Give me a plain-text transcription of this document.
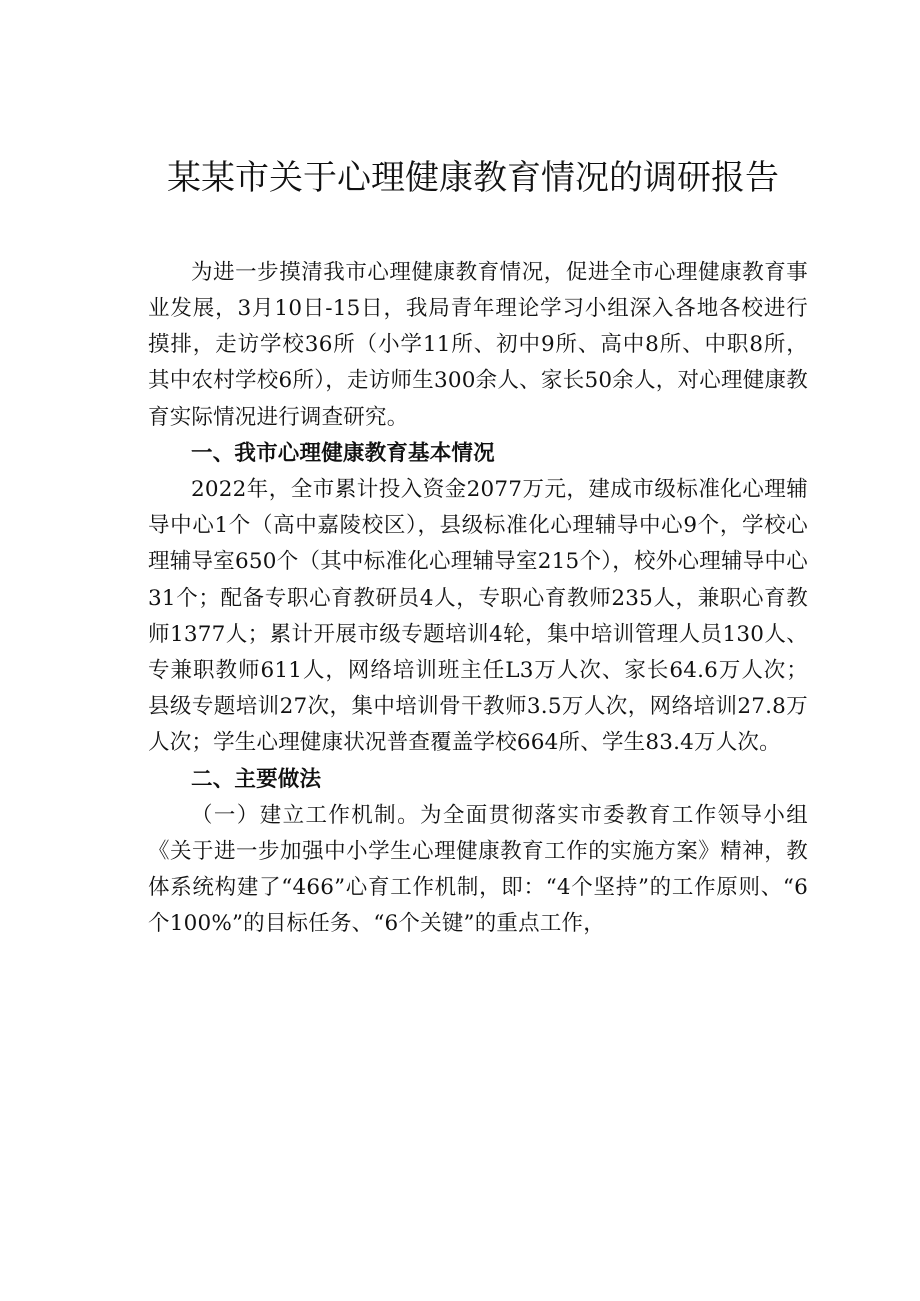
某某市关于心理健康教育情况的调研报告

为进一步摸清我市心理健康教育情况，促进全市心理健康教育事业发展，3月10日-15日，我局青年理论学习小组深入各地各校进行摸排，走访学校36所（小学11所、初中9所、高中8所、中职8所，其中农村学校6所），走访师生300余人、家长50余人，对心理健康教育实际情况进行调查研究。

一、我市心理健康教育基本情况

2022年，全市累计投入资金2077万元，建成市级标准化心理辅导中心1个（高中嘉陵校区），县级标准化心理辅导中心9个，学校心理辅导室650个（其中标准化心理辅导室215个），校外心理辅导中心31个；配备专职心育教研员4人，专职心育教师235人，兼职心育教师1377人；累计开展市级专题培训4轮，集中培训管理人员130人、专兼职教师611人，网络培训班主任L3万人次、家长64.6万人次；县级专题培训27次，集中培训骨干教师3.5万人次，网络培训27.8万人次；学生心理健康状况普查覆盖学校664所、学生83.4万人次。

二、主要做法

（一）建立工作机制。为全面贯彻落实市委教育工作领导小组《关于进一步加强中小学生心理健康教育工作的实施方案》精神，教体系统构建了“466”心育工作机制，即：“4个坚持”的工作原则、“6个100%”的目标任务、“6个关键”的重点工作，
